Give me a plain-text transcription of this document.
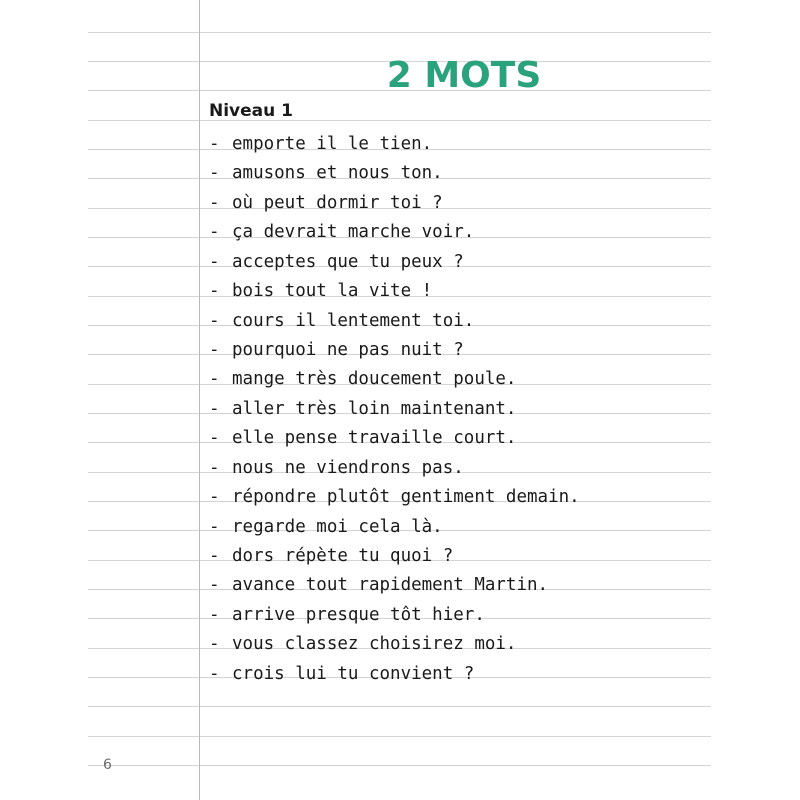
2 MOTS
Niveau 1
- emporte il le tien.
- amusons et nous ton.
- où peut dormir toi ?
- ça devrait marche voir.
- acceptes que tu peux ?
- bois tout la vite !
- cours il lentement toi.
- pourquoi ne pas nuit ?
- mange très doucement poule.
- aller très loin maintenant.
- elle pense travaille court.
- nous ne viendrons pas.
- répondre plutôt gentiment demain.
- regarde moi cela là.
- dors répète tu quoi ?
- avance tout rapidement Martin.
- arrive presque tôt hier.
- vous classez choisirez moi.
- crois lui tu convient ?
6
